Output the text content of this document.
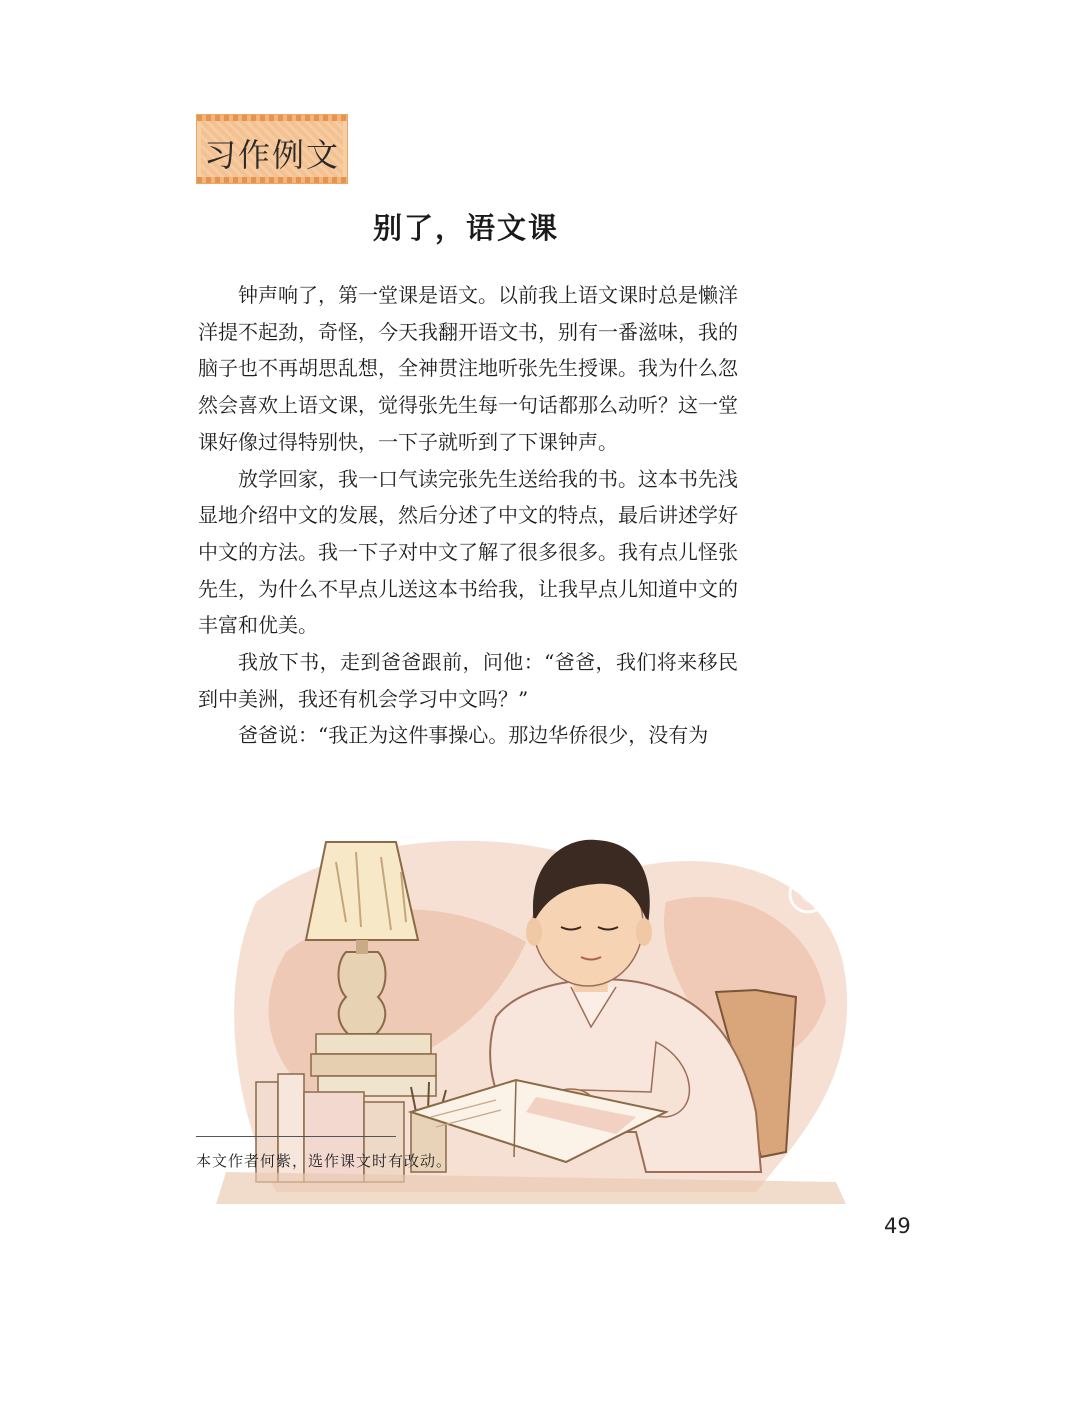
习作例文
别了，语文课

钟声响了，第一堂课是语文。以前我上语文课时总是懒洋洋提不起劲，奇怪，今天我翻开语文书，别有一番滋味，我的脑子也不再胡思乱想，全神贯注地听张先生授课。我为什么忽然会喜欢上语文课，觉得张先生每一句话都那么动听？这一堂课好像过得特别快，一下子就听到了下课钟声。

放学回家，我一口气读完张先生送给我的书。这本书先浅显地介绍中文的发展，然后分述了中文的特点，最后讲述学好中文的方法。我一下子对中文了解了很多很多。我有点儿怪张先生，为什么不早点儿送这本书给我，让我早点儿知道中文的丰富和优美。

我放下书，走到爸爸跟前，问他：“爸爸，我们将来移民到中美洲，我还有机会学习中文吗？”

爸爸说：“我正为这件事操心。那边华侨很少，没有为

®
本文作者何紫，选作课文时有改动。
49
